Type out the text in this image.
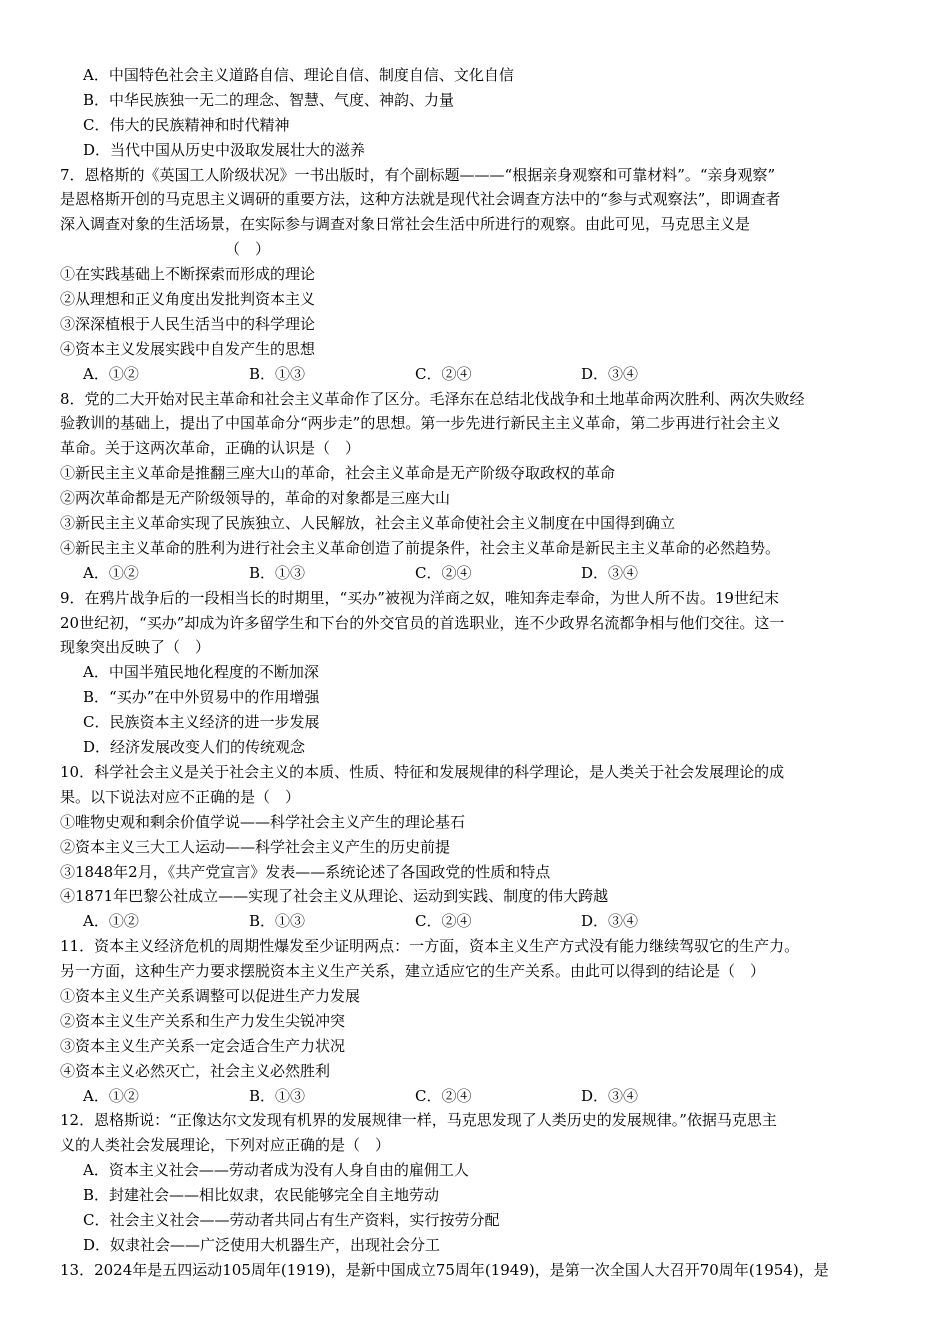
A．中国特色社会主义道路自信、理论自信、制度自信、文化自信
B．中华民族独一无二的理念、智慧、气度、神韵、力量
C．伟大的民族精神和时代精神
D．当代中国从历史中汲取发展壮大的滋养
7．恩格斯的《英国工人阶级状况》一书出版时，有个副标题———“根据亲身观察和可靠材料”。“亲身观察”
是恩格斯开创的马克思主义调研的重要方法，这种方法就是现代社会调查方法中的“参与式观察法”，即调查者
深入调查对象的生活场景，在实际参与调查对象日常社会生活中所进行的观察。由此可见，马克思主义是
（　）
①在实践基础上不断探索而形成的理论
②从理想和正义角度出发批判资本主义
③深深植根于人民生活当中的科学理论
④资本主义发展实践中自发产生的思想
A．①②	B．①③	C．②④	D．③④
8．党的二大开始对民主革命和社会主义革命作了区分。毛泽东在总结北伐战争和土地革命两次胜利、两次失败经
验教训的基础上，提出了中国革命分“两步走”的思想。第一步先进行新民主主义革命，第二步再进行社会主义
革命。关于这两次革命，正确的认识是（　）
①新民主主义革命是推翻三座大山的革命，社会主义革命是无产阶级夺取政权的革命
②两次革命都是无产阶级领导的，革命的对象都是三座大山
③新民主主义革命实现了民族独立、人民解放，社会主义革命使社会主义制度在中国得到确立
④新民主主义革命的胜利为进行社会主义革命创造了前提条件，社会主义革命是新民主主义革命的必然趋势。
A．①②	B．①③	C．②④	D．③④
9．在鸦片战争后的一段相当长的时期里，“买办”被视为洋商之奴，唯知奔走奉命，为世人所不齿。19世纪末
20世纪初，“买办”却成为许多留学生和下台的外交官员的首选职业，连不少政界名流都争相与他们交往。这一
现象突出反映了（　）
A．中国半殖民地化程度的不断加深
B．“买办”在中外贸易中的作用增强
C．民族资本主义经济的进一步发展
D．经济发展改变人们的传统观念
10．科学社会主义是关于社会主义的本质、性质、特征和发展规律的科学理论，是人类关于社会发展理论的成
果。以下说法对应不正确的是（　）
①唯物史观和剩余价值学说——科学社会主义产生的理论基石
②资本主义三大工人运动——科学社会主义产生的历史前提
③1848年2月，《共产党宣言》发表——系统论述了各国政党的性质和特点
④1871年巴黎公社成立——实现了社会主义从理论、运动到实践、制度的伟大跨越
A．①②	B．①③	C．②④	D．③④
11．资本主义经济危机的周期性爆发至少证明两点：一方面，资本主义生产方式没有能力继续驾驭它的生产力。
另一方面，这种生产力要求摆脱资本主义生产关系，建立适应它的生产关系。由此可以得到的结论是（　）
①资本主义生产关系调整可以促进生产力发展
②资本主义生产关系和生产力发生尖锐冲突
③资本主义生产关系一定会适合生产力状况
④资本主义必然灭亡，社会主义必然胜利
A．①②	B．①③	C．②④	D．③④
12．恩格斯说：“正像达尔文发现有机界的发展规律一样，马克思发现了人类历史的发展规律。”依据马克思主
义的人类社会发展理论，下列对应正确的是（　）
A．资本主义社会——劳动者成为没有人身自由的雇佣工人
B．封建社会——相比奴隶，农民能够完全自主地劳动
C．社会主义社会——劳动者共同占有生产资料，实行按劳分配
D．奴隶社会——广泛使用大机器生产，出现社会分工
13．2024年是五四运动105周年(1919)，是新中国成立75周年(1949)，是第一次全国人大召开70周年(1954)，是
